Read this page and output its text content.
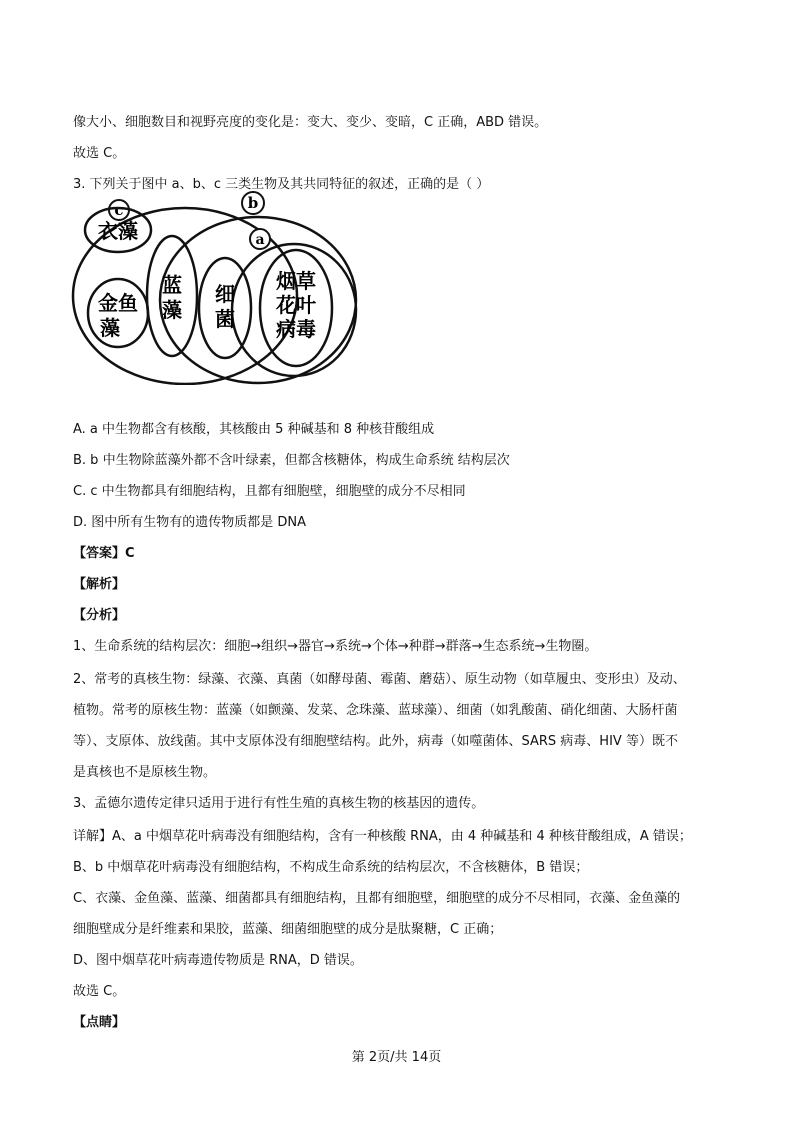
像大小、细胞数目和视野亮度的变化是：变大、变少、变暗，C 正确，ABD 错误。
故选 C。
3. 下列关于图中 a、b、c 三类生物及其共同特征的叙述，正确的是（ ）
c	b
a
衣藻
金鱼
藻
蓝
藻
细
菌
烟草
花叶
病毒
A. a 中生物都含有核酸，其核酸由 5 种碱基和 8 种核苷酸组成
B. b 中生物除蓝藻外都不含叶绿素，但都含核糖体，构成生命系统 结构层次
C. c 中生物都具有细胞结构，且都有细胞壁，细胞壁的成分不尽相同
D. 图中所有生物有的遗传物质都是 DNA
【答案】C
【解析】
【分析】
1、生命系统的结构层次：细胞→组织→器官→系统→个体→种群→群落→生态系统→生物圈。
2、常考的真核生物：绿藻、衣藻、真菌（如酵母菌、霉菌、蘑菇）、原生动物（如草履虫、变形虫）及动、
植物。常考的原核生物：蓝藻（如颤藻、发菜、念珠藻、蓝球藻）、细菌（如乳酸菌、硝化细菌、大肠杆菌
等）、支原体、放线菌。其中支原体没有细胞壁结构。此外，病毒（如噬菌体、SARS 病毒、HIV 等）既不
是真核也不是原核生物。
3、孟德尔遗传定律只适用于进行有性生殖的真核生物的核基因的遗传。
详解】A、a 中烟草花叶病毒没有细胞结构，含有一种核酸 RNA，由 4 种碱基和 4 种核苷酸组成，A 错误；
B、b 中烟草花叶病毒没有细胞结构，不构成生命系统的结构层次，不含核糖体，B 错误；
C、衣藻、金鱼藻、蓝藻、细菌都具有细胞结构，且都有细胞壁，细胞壁的成分不尽相同，衣藻、金鱼藻的
细胞壁成分是纤维素和果胶，蓝藻、细菌细胞壁的成分是肽聚糖，C 正确；
D、图中烟草花叶病毒遗传物质是 RNA，D 错误。
故选 C。
【点睛】
第 2页/共 14页
